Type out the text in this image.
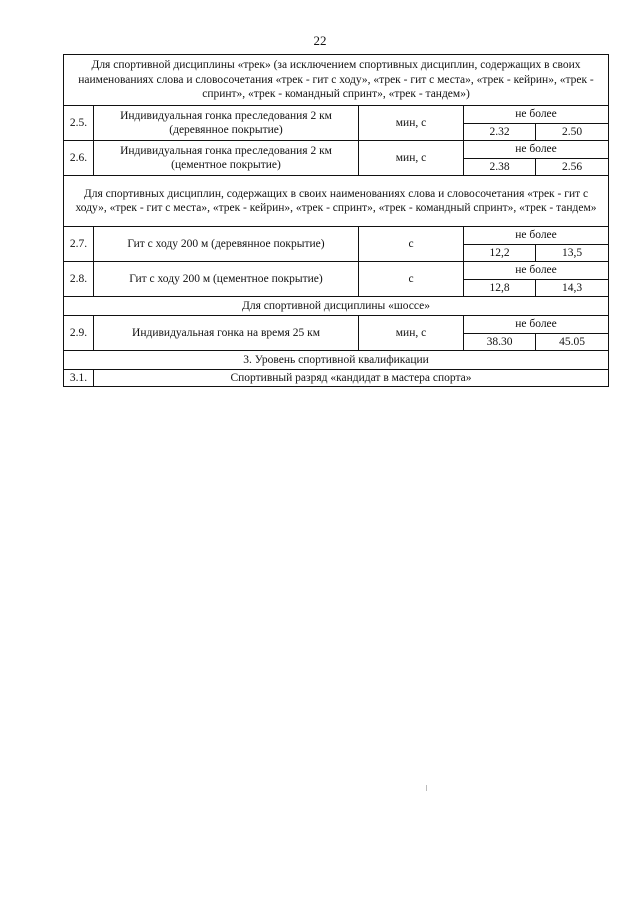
22
Для спортивной дисциплины «трек» (за исключением спортивных дисциплин, содержащих в своих наименованиях слова и словосочетания «трек - гит с ходу», «трек - гит с места», «трек - кейрин», «трек - спринт», «трек - командный спринт», «трек - тандем»)				
2.5.	Индивидуальная гонка преследования 2 км (деревянное покрытие)	мин, с	не более	
			2.32	2.50
2.6.	Индивидуальная гонка преследования 2 км (цементное покрытие)	мин, с	не более	
			2.38	2.56
Для спортивных дисциплин, содержащих в своих наименованиях слова и словосочетания «трек - гит с ходу», «трек - гит с места», «трек - кейрин», «трек - спринт», «трек - командный спринт», «трек - тандем»				
2.7.	Гит с ходу 200 м (деревянное покрытие)	с	не более	
			12,2	13,5
2.8.	Гит с ходу 200 м (цементное покрытие)	с	не более	
			12,8	14,3
Для спортивной дисциплины «шоссе»				
2.9.	Индивидуальная гонка на время 25 км	мин, с	не более	
			38.30	45.05
3. Уровень спортивной квалификации				
3.1.	Спортивный разряд «кандидат в мастера спорта»			
